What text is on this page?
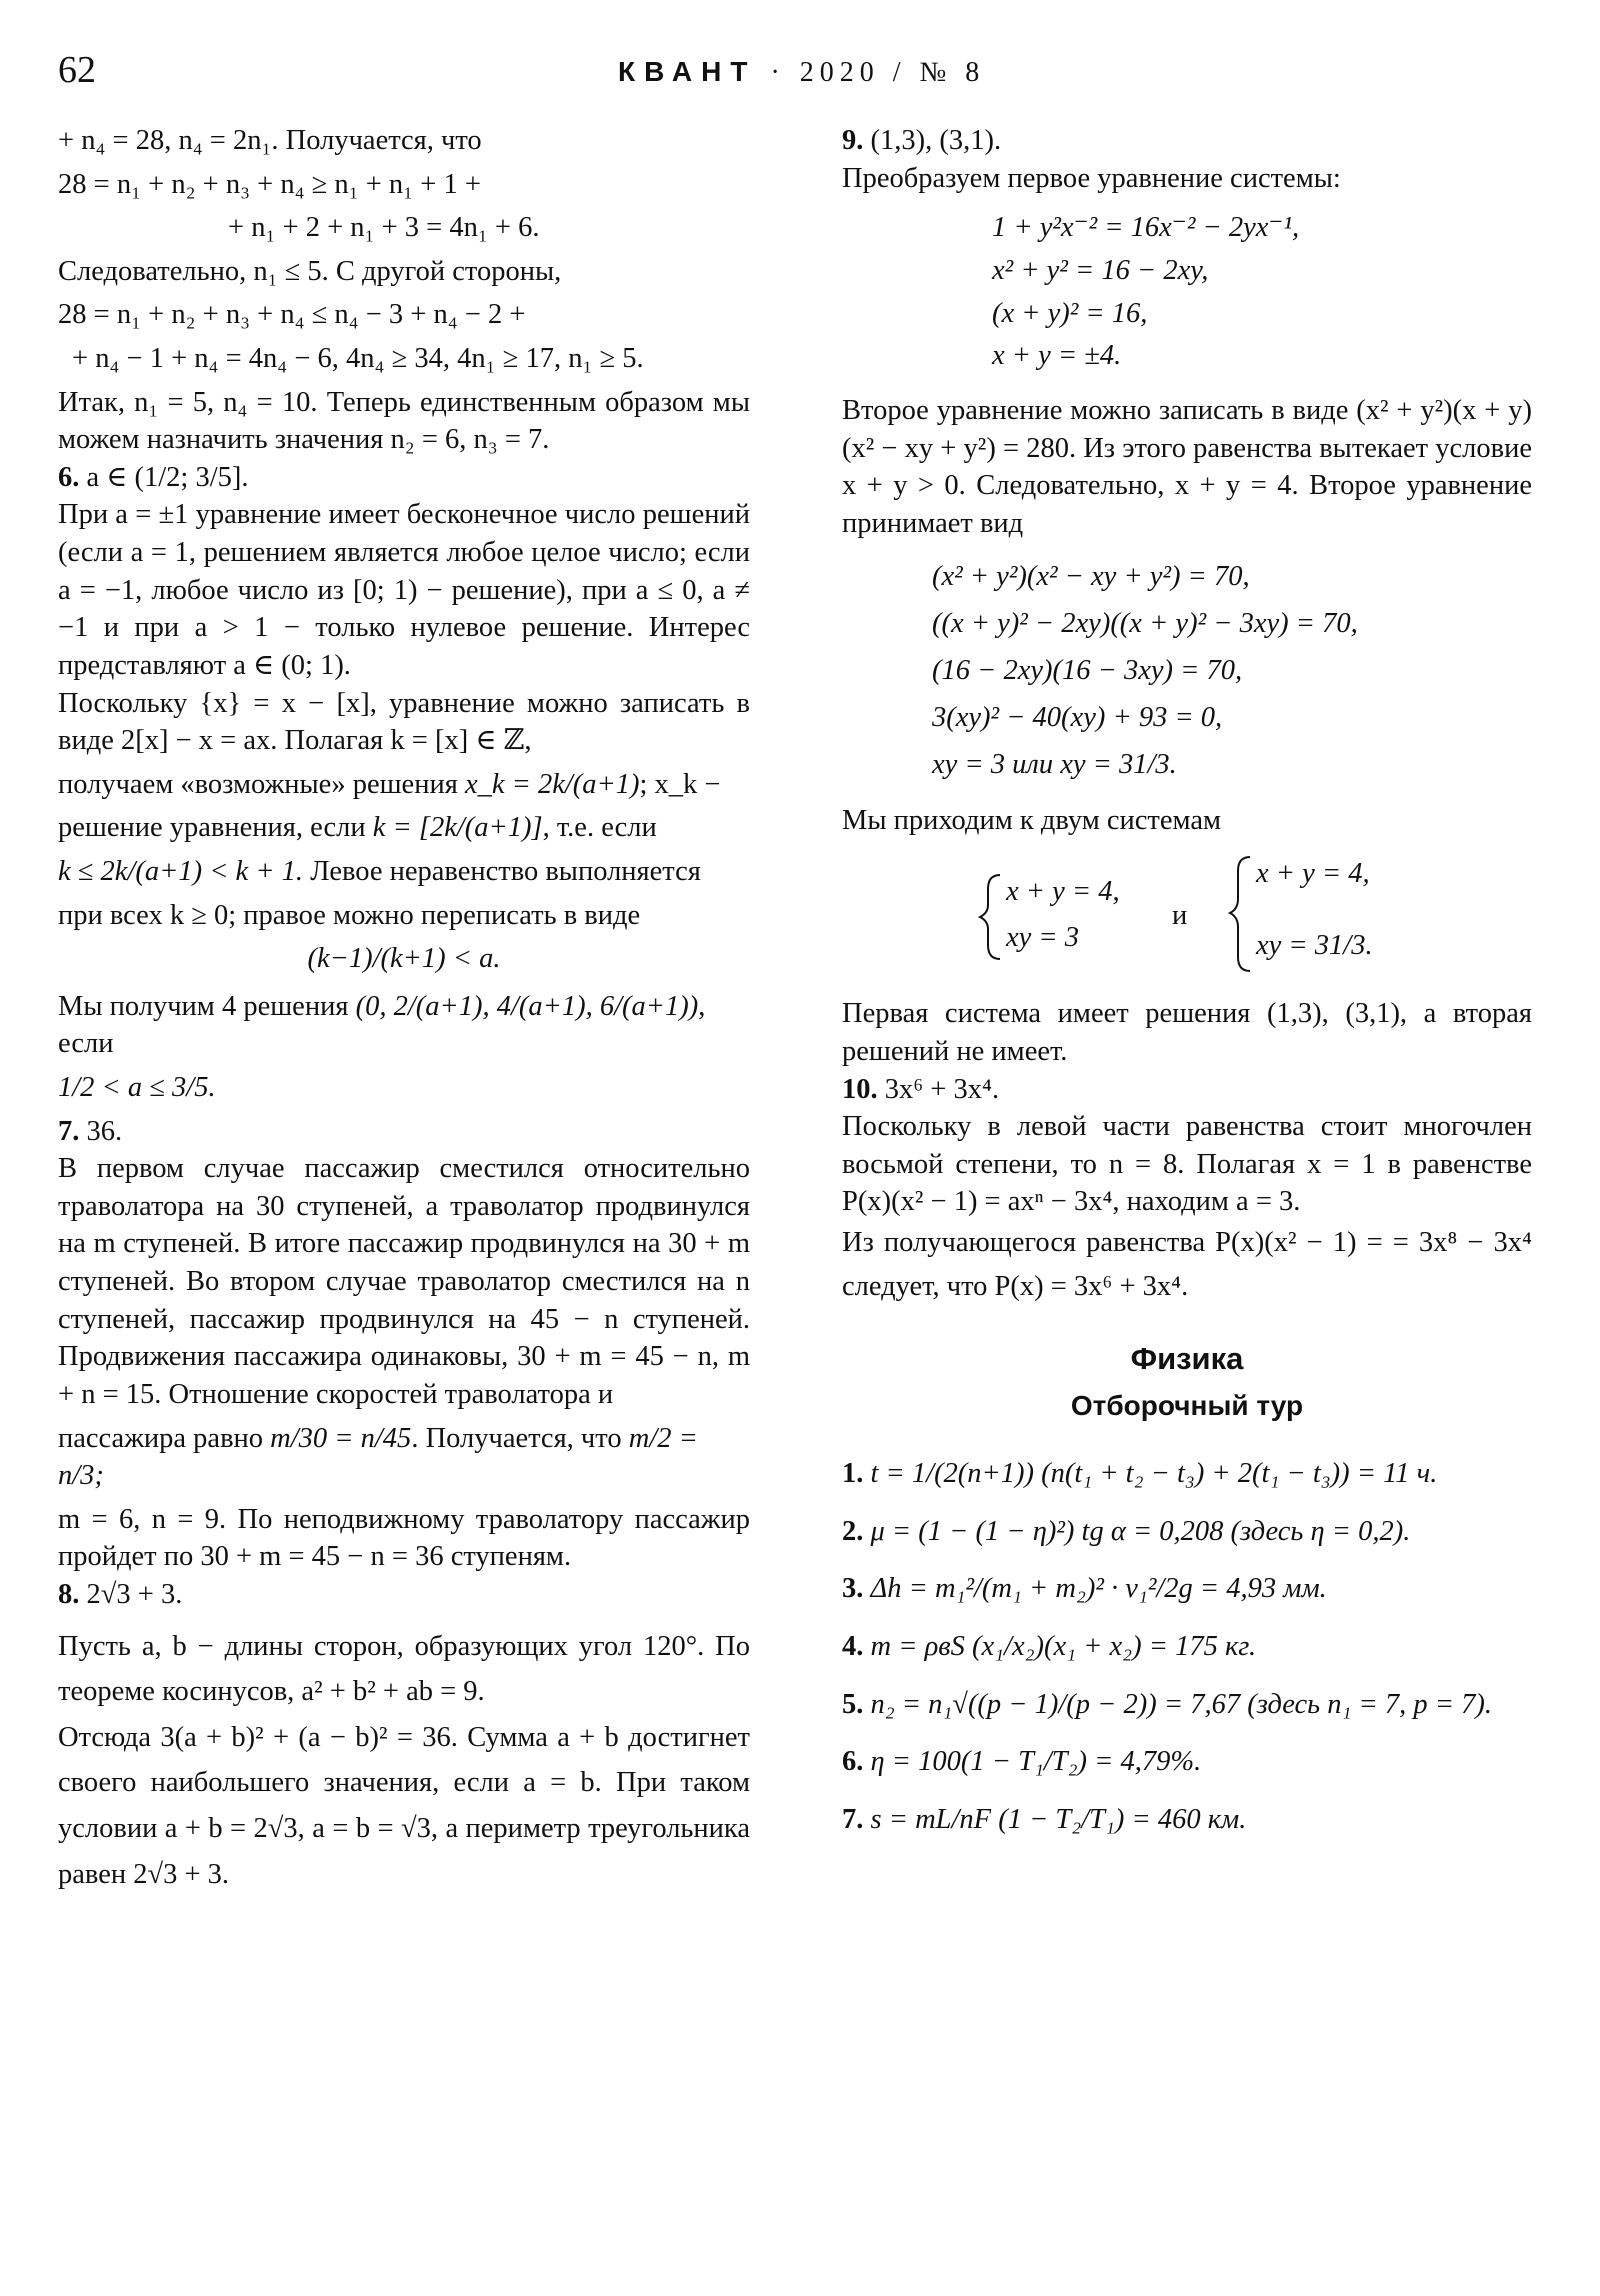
62	КВАНТ · 2020 / № 8

+ n₄ = 28, n₄ = 2n₁. Получается, что

28 = n₁ + n₂ + n₃ + n₄ ≥ n₁ + n₁ + 1 +

+ n₁ + 2 + n₁ + 3 = 4n₁ + 6.

Следовательно, n₁ ≤ 5. С другой стороны,

28 = n₁ + n₂ + n₃ + n₄ ≤ n₄ − 3 + n₄ − 2 +

+ n₄ − 1 + n₄ = 4n₄ − 6, 4n₄ ≥ 34, 4n₁ ≥ 17, n₁ ≥ 5.

Итак, n₁ = 5, n₄ = 10. Теперь единственным образом мы можем назначить значения n₂ = 6, n₃ = 7.

6. a ∈ (1/2; 3/5].

При a = ±1 уравнение имеет бесконечное число решений (если a = 1, решением является любое целое число; если a = −1, любое число из [0; 1) − решение), при a ≤ 0, a ≠ −1 и при a > 1 − только нулевое решение. Интерес представляют a ∈ (0; 1).

Поскольку {x} = x − [x], уравнение можно записать в виде 2[x] − x = ax. Полагая k = [x] ∈ ℤ,

получаем «возможные» решения x_k = 2k/(a+1); x_k −

решение уравнения, если k = [2k/(a+1)], т.е. если

k ≤ 2k/(a+1) < k + 1. Левое неравенство выполняется

при всех k ≥ 0; правое можно переписать в виде

(k−1)/(k+1) < a.

Мы получим 4 решения (0, 2/(a+1), 4/(a+1), 6/(a+1)), если

1/2 < a ≤ 3/5.

7. 36.

В первом случае пассажир сместился относительно траволатора на 30 ступеней, а траволатор продвинулся на m ступеней. В итоге пассажир продвинулся на 30 + m ступеней. Во втором случае траволатор сместился на n ступеней, пассажир продвинулся на 45 − n ступеней. Продвижения пассажира одинаковы, 30 + m = 45 − n, m + n = 15. Отношение скоростей траволатора и

пассажира равно m/30 = n/45. Получается, что m/2 = n/3;

m = 6, n = 9. По неподвижному траволатору пассажир пройдет по 30 + m = 45 − n = 36 ступеням.

8. 2√3 + 3.

Пусть a, b − длины сторон, образующих угол 120°. По теореме косинусов, a² + b² + ab = 9.

Отсюда 3(a + b)² + (a − b)² = 36. Сумма a + b достигнет своего наибольшего значения, если a = b. При таком условии a + b = 2√3, a = b = √3, а периметр треугольника равен 2√3 + 3.

9. (1,3), (3,1).

Преобразуем первое уравнение системы:

1 + y²x⁻² = 16x⁻² − 2yx⁻¹,
x² + y² = 16 − 2xy,
(x + y)² = 16,
x + y = ±4.

Второе уравнение можно записать в виде (x² + y²)(x + y)(x² − xy + y²) = 280. Из этого равенства вытекает условие x + y > 0. Следовательно, x + y = 4. Второе уравнение принимает вид

(x² + y²)(x² − xy + y²) = 70,
((x + y)² − 2xy)((x + y)² − 3xy) = 70,
(16 − 2xy)(16 − 3xy) = 70,
3(xy)² − 40(xy) + 93 = 0,
xy = 3 или xy = 31/3.

Мы приходим к двум системам

x + y = 4,
xy = 3
и
x + y = 4,
xy = 31/3.

Первая система имеет решения (1,3), (3,1), а вторая решений не имеет.

10. 3x⁶ + 3x⁴.

Поскольку в левой части равенства стоит многочлен восьмой степени, то n = 8. Полагая x = 1 в равенстве P(x)(x² − 1) = axⁿ − 3x⁴, находим a = 3.

Из получающегося равенства P(x)(x² − 1) = = 3x⁸ − 3x⁴ следует, что P(x) = 3x⁶ + 3x⁴.

Физика
Отборочный тур
1. t = 1/(2(n+1)) (n(t₁ + t₂ − t₃) + 2(t₁ − t₃)) = 11 ч.
2. μ = (1 − (1 − η)²) tg α = 0,208 (здесь η = 0,2).
3. Δh = m₁²/(m₁ + m₂)² · v₁²/2g = 4,93 мм.
4. m = ρвS (x₁/x₂)(x₁ + x₂) = 175 кг.
5. n₂ = n₁√((p − 1)/(p − 2)) = 7,67 (здесь n₁ = 7, p = 7).
6. η = 100(1 − T₁/T₂) = 4,79%.
7. s = mL/nF (1 − T₂/T₁) = 460 км.
